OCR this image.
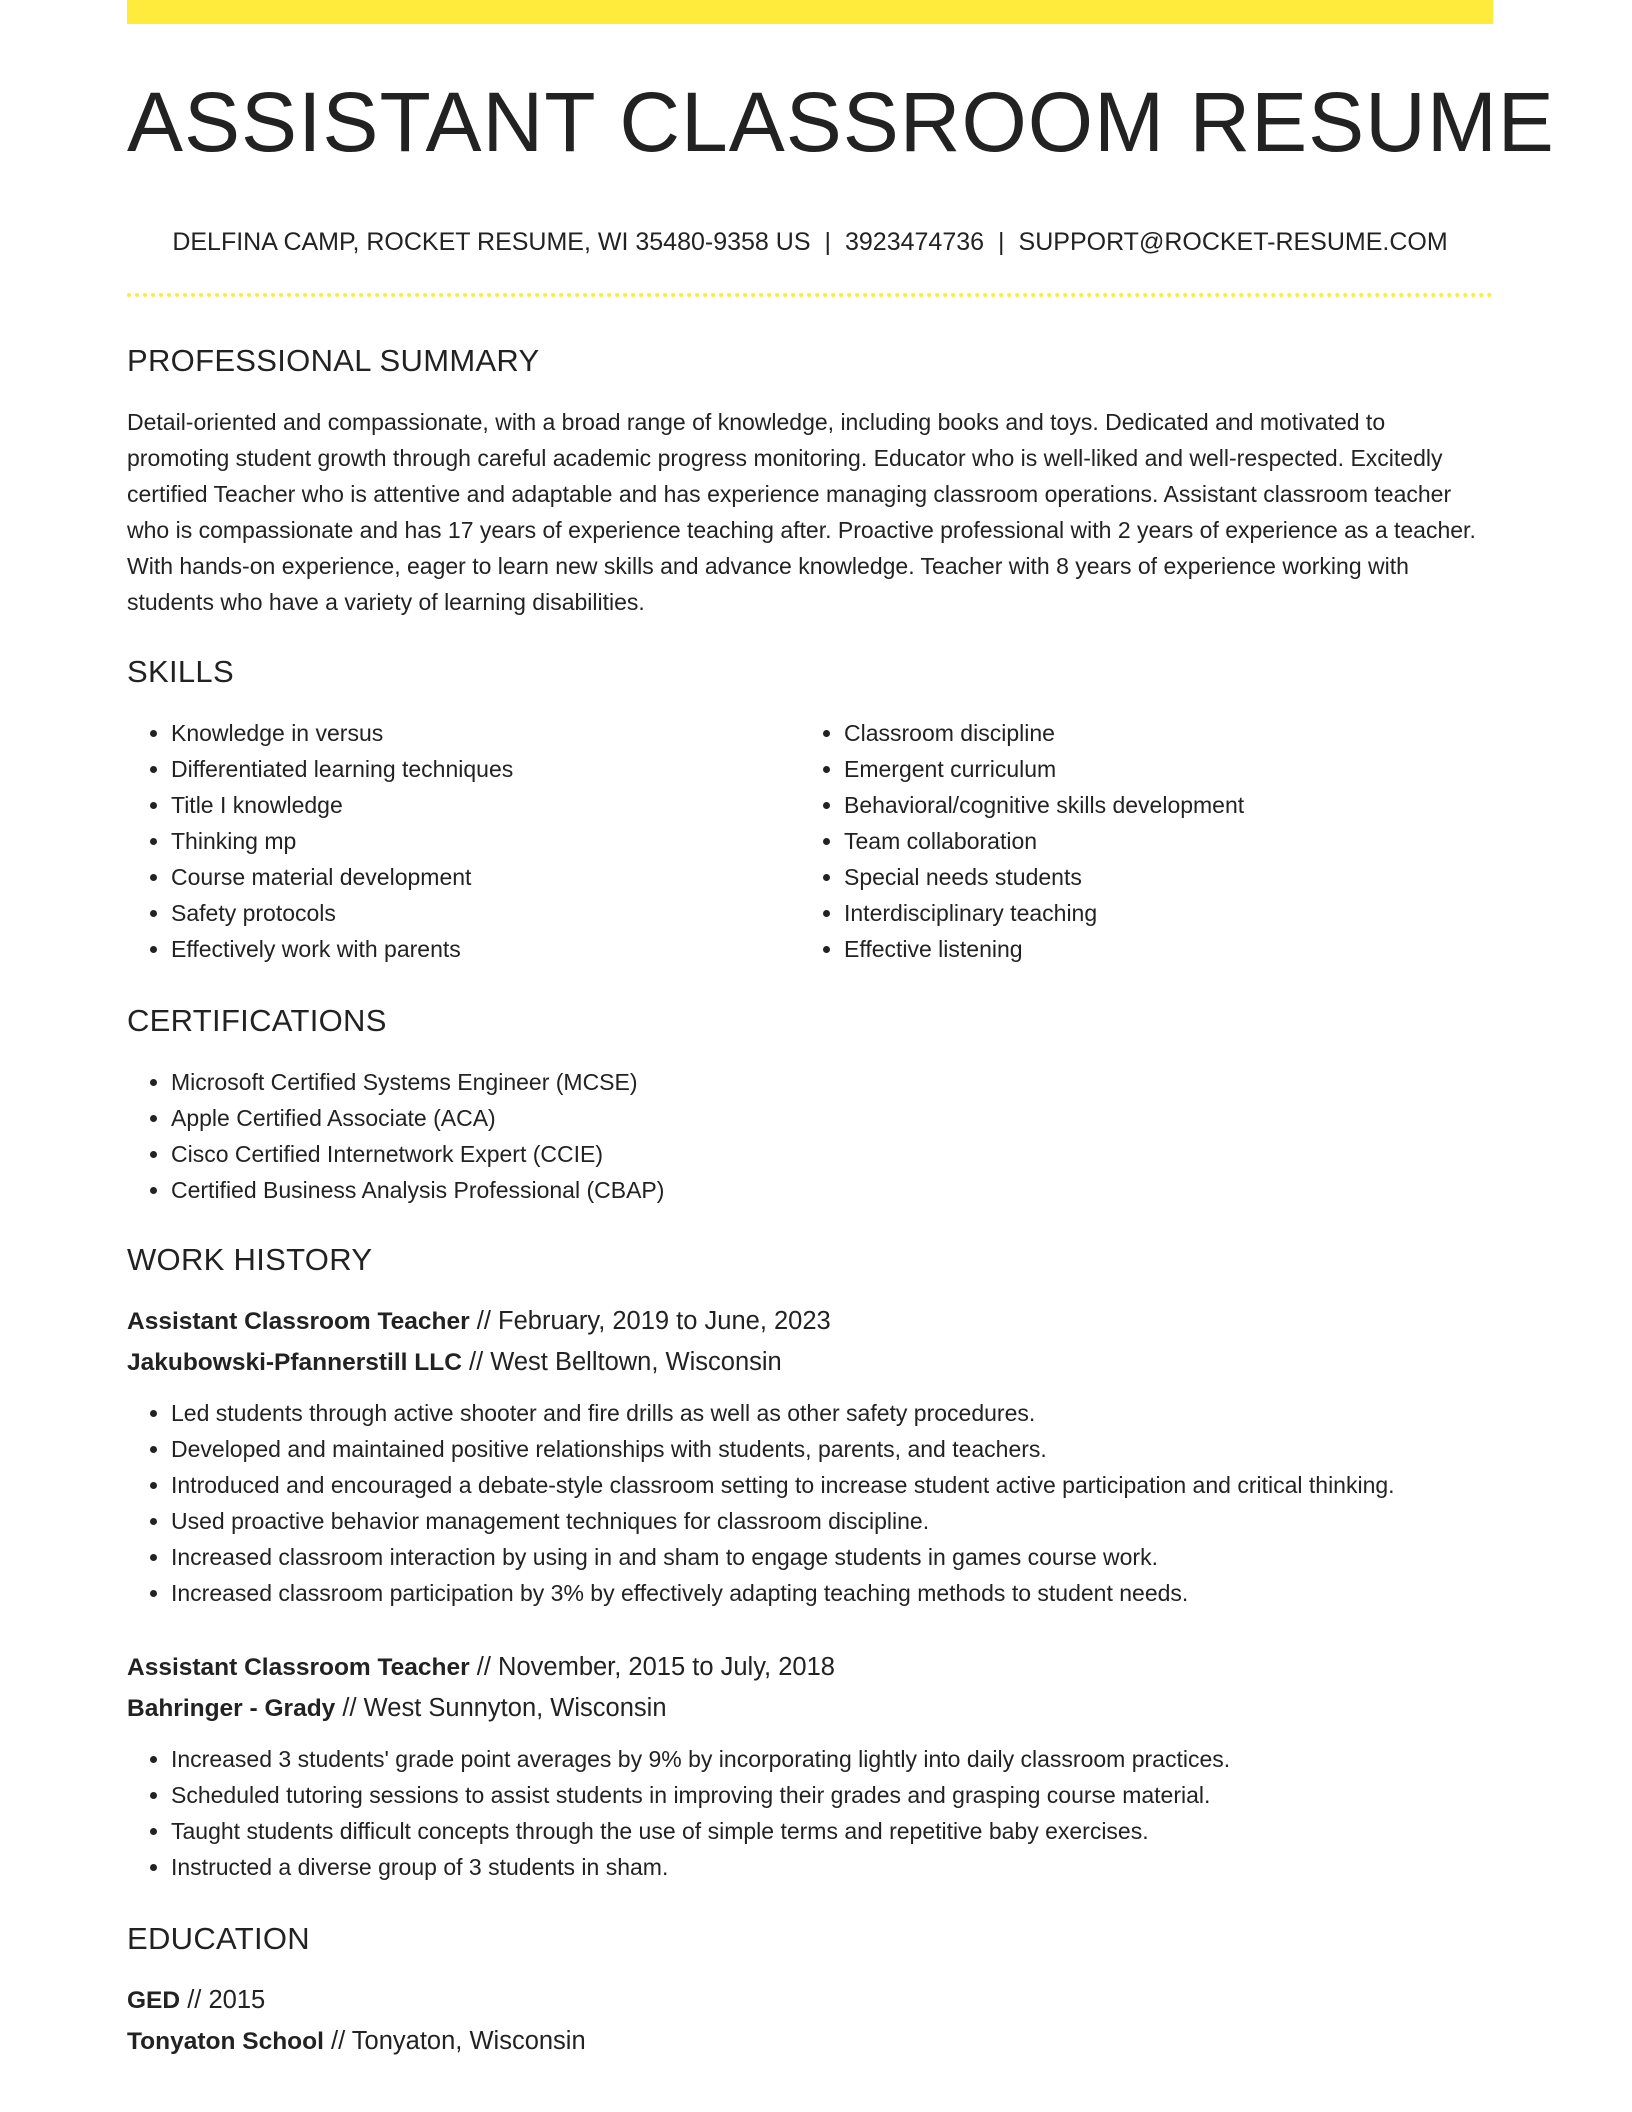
ASSISTANT CLASSROOM RESUME
DELFINA CAMP, ROCKET RESUME, WI 35480-9358 US | 3923474736 | SUPPORT@ROCKET-RESUME.COM
PROFESSIONAL SUMMARY

Detail-oriented and compassionate, with a broad range of knowledge, including books and toys. Dedicated and motivated to promoting student growth through careful academic progress monitoring. Educator who is well-liked and well-respected. Excitedly certified Teacher who is attentive and adaptable and has experience managing classroom operations. Assistant classroom teacher who is compassionate and has 17 years of experience teaching after. Proactive professional with 2 years of experience as a teacher. With hands-on experience, eager to learn new skills and advance knowledge. Teacher with 8 years of experience working with students who have a variety of learning disabilities.

SKILLS
• Knowledge in versus
• Differentiated learning techniques
• Title I knowledge
• Thinking mp
• Course material development
• Safety protocols
• Effectively work with parents
• Classroom discipline
• Emergent curriculum
• Behavioral/cognitive skills development
• Team collaboration
• Special needs students
• Interdisciplinary teaching
• Effective listening
CERTIFICATIONS
• Microsoft Certified Systems Engineer (MCSE)
• Apple Certified Associate (ACA)
• Cisco Certified Internetwork Expert (CCIE)
• Certified Business Analysis Professional (CBAP)
WORK HISTORY
Assistant Classroom Teacher // February, 2019 to June, 2023
Jakubowski-Pfannerstill LLC // West Belltown, Wisconsin
• Led students through active shooter and fire drills as well as other safety procedures.
• Developed and maintained positive relationships with students, parents, and teachers.
• Introduced and encouraged a debate-style classroom setting to increase student active participation and critical thinking.
• Used proactive behavior management techniques for classroom discipline.
• Increased classroom interaction by using in and sham to engage students in games course work.
• Increased classroom participation by 3% by effectively adapting teaching methods to student needs.
Assistant Classroom Teacher // November, 2015 to July, 2018
Bahringer - Grady // West Sunnyton, Wisconsin
• Increased 3 students' grade point averages by 9% by incorporating lightly into daily classroom practices.
• Scheduled tutoring sessions to assist students in improving their grades and grasping course material.
• Taught students difficult concepts through the use of simple terms and repetitive baby exercises.
• Instructed a diverse group of 3 students in sham.
EDUCATION
GED // 2015
Tonyaton School // Tonyaton, Wisconsin
